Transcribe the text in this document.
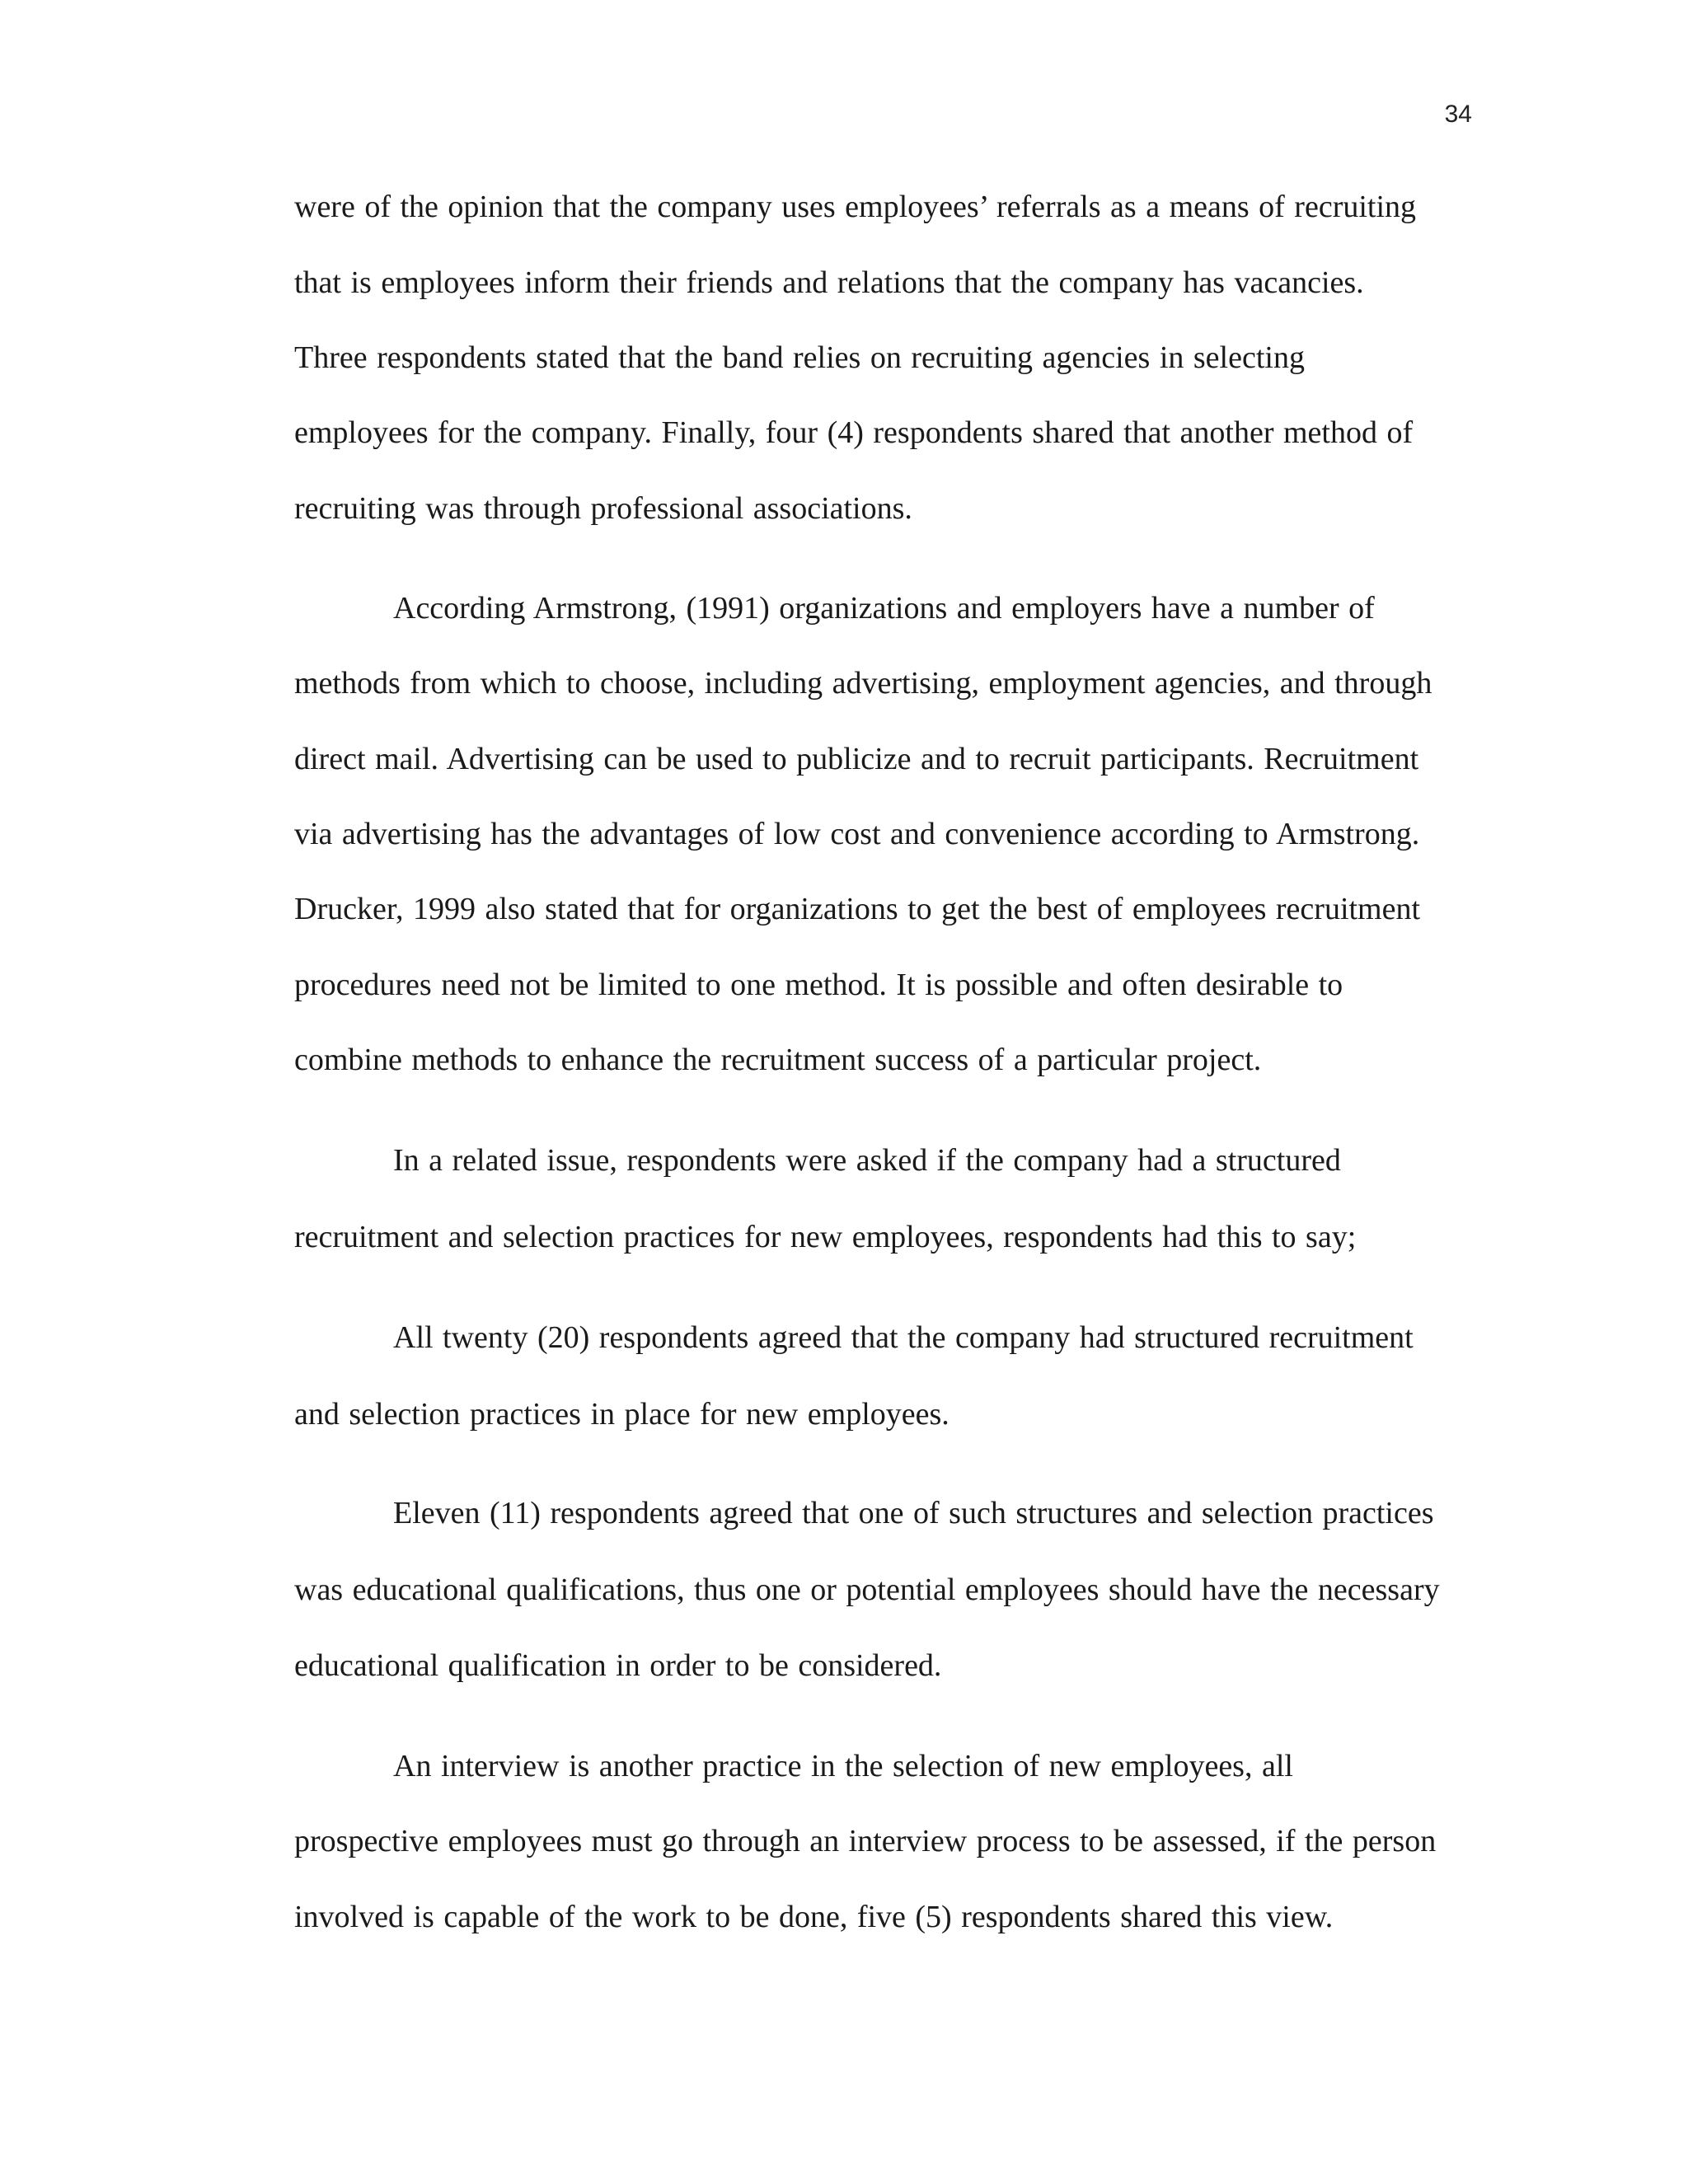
34
were of the opinion that the company uses employees’ referrals as a means of recruiting
that is employees inform their friends and relations that the company has vacancies.
Three respondents stated that the band relies on recruiting agencies in selecting
employees for the company. Finally, four (4) respondents shared that another method of
recruiting was through professional associations.
According Armstrong, (1991) organizations and employers have a number of
methods from which to choose, including advertising, employment agencies, and through
direct mail. Advertising can be used to publicize and to recruit participants. Recruitment
via advertising has the advantages of low cost and convenience according to Armstrong.
Drucker, 1999 also stated that for organizations to get the best of employees recruitment
procedures need not be limited to one method. It is possible and often desirable to
combine methods to enhance the recruitment success of a particular project.
In a related issue, respondents were asked if the company had a structured
recruitment and selection practices for new employees, respondents had this to say;
All twenty (20) respondents agreed that the company had structured recruitment
and selection practices in place for new employees.
Eleven (11) respondents agreed that one of such structures and selection practices
was educational qualifications, thus one or potential employees should have the necessary
educational qualification in order to be considered.
An interview is another practice in the selection of new employees, all
prospective employees must go through an interview process to be assessed, if the person
involved is capable of the work to be done, five (5) respondents shared this view.
